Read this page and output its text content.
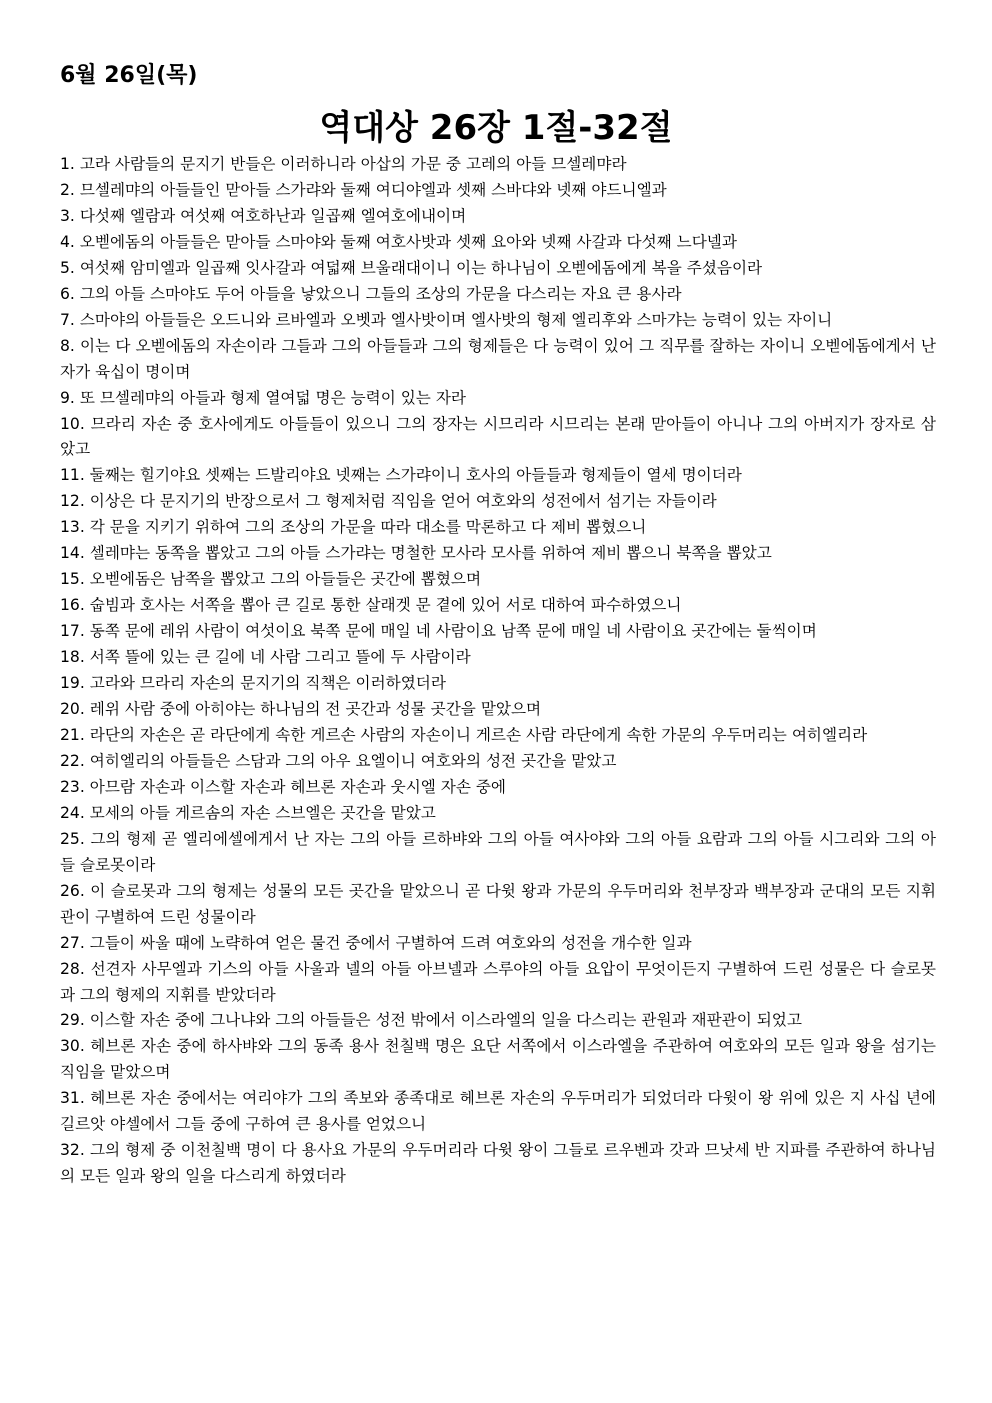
6월 26일(목)
역대상 26장 1절-32절
1. 고라 사람들의 문지기 반들은 이러하니라 아삽의 가문 중 고레의 아들 므셀레먀라
2. 므셀레먀의 아들들인 맏아들 스가랴와 둘째 여디야엘과 셋째 스바댜와 넷째 야드니엘과
3. 다섯째 엘람과 여섯째 여호하난과 일곱째 엘여호에내이며
4. 오벧에돔의 아들들은 맏아들 스마야와 둘째 여호사밧과 셋째 요아와 넷째 사갈과 다섯째 느다넬과
5. 여섯째 암미엘과 일곱째 잇사갈과 여덟째 브울래대이니 이는 하나님이 오벧에돔에게 복을 주셨음이라
6. 그의 아들 스마야도 두어 아들을 낳았으니 그들의 조상의 가문을 다스리는 자요 큰 용사라
7. 스마야의 아들들은 오드니와 르바엘과 오벳과 엘사밧이며 엘사밧의 형제 엘리후와 스마갸는 능력이 있는 자이니
8. 이는 다 오벧에돔의 자손이라 그들과 그의 아들들과 그의 형제들은 다 능력이 있어 그 직무를 잘하는 자이니 오벧에돔에게서 난 자가 육십이 명이며
9. 또 므셀레먀의 아들과 형제 열여덟 명은 능력이 있는 자라
10. 므라리 자손 중 호사에게도 아들들이 있으니 그의 장자는 시므리라 시므리는 본래 맏아들이 아니나 그의 아버지가 장자로 삼았고
11. 둘째는 힐기야요 셋째는 드발리야요 넷째는 스가랴이니 호사의 아들들과 형제들이 열세 명이더라
12. 이상은 다 문지기의 반장으로서 그 형제처럼 직임을 얻어 여호와의 성전에서 섬기는 자들이라
13. 각 문을 지키기 위하여 그의 조상의 가문을 따라 대소를 막론하고 다 제비 뽑혔으니
14. 셀레먀는 동쪽을 뽑았고 그의 아들 스가랴는 명철한 모사라 모사를 위하여 제비 뽑으니 북쪽을 뽑았고
15. 오벧에돔은 남쪽을 뽑았고 그의 아들들은 곳간에 뽑혔으며
16. 숩빔과 호사는 서쪽을 뽑아 큰 길로 통한 살래겟 문 곁에 있어 서로 대하여 파수하였으니
17. 동쪽 문에 레위 사람이 여섯이요 북쪽 문에 매일 네 사람이요 남쪽 문에 매일 네 사람이요 곳간에는 둘씩이며
18. 서쪽 뜰에 있는 큰 길에 네 사람 그리고 뜰에 두 사람이라
19. 고라와 므라리 자손의 문지기의 직책은 이러하였더라
20. 레위 사람 중에 아히야는 하나님의 전 곳간과 성물 곳간을 맡았으며
21. 라단의 자손은 곧 라단에게 속한 게르손 사람의 자손이니 게르손 사람 라단에게 속한 가문의 우두머리는 여히엘리라
22. 여히엘리의 아들들은 스담과 그의 아우 요엘이니 여호와의 성전 곳간을 맡았고
23. 아므람 자손과 이스할 자손과 헤브론 자손과 웃시엘 자손 중에
24. 모세의 아들 게르솜의 자손 스브엘은 곳간을 맡았고
25. 그의 형제 곧 엘리에셀에게서 난 자는 그의 아들 르하뱌와 그의 아들 여사야와 그의 아들 요람과 그의 아들 시그리와 그의 아들 슬로못이라
26. 이 슬로못과 그의 형제는 성물의 모든 곳간을 맡았으니 곧 다윗 왕과 가문의 우두머리와 천부장과 백부장과 군대의 모든 지휘관이 구별하여 드린 성물이라
27. 그들이 싸울 때에 노략하여 얻은 물건 중에서 구별하여 드려 여호와의 성전을 개수한 일과
28. 선견자 사무엘과 기스의 아들 사울과 넬의 아들 아브넬과 스루야의 아들 요압이 무엇이든지 구별하여 드린 성물은 다 슬로못과 그의 형제의 지휘를 받았더라
29. 이스할 자손 중에 그나냐와 그의 아들들은 성전 밖에서 이스라엘의 일을 다스리는 관원과 재판관이 되었고
30. 헤브론 자손 중에 하사뱌와 그의 동족 용사 천칠백 명은 요단 서쪽에서 이스라엘을 주관하여 여호와의 모든 일과 왕을 섬기는 직임을 맡았으며
31. 헤브론 자손 중에서는 여리야가 그의 족보와 종족대로 헤브론 자손의 우두머리가 되었더라 다윗이 왕 위에 있은 지 사십 년에 길르앗 야셀에서 그들 중에 구하여 큰 용사를 얻었으니
32. 그의 형제 중 이천칠백 명이 다 용사요 가문의 우두머리라 다윗 왕이 그들로 르우벤과 갓과 므낫세 반 지파를 주관하여 하나님의 모든 일과 왕의 일을 다스리게 하였더라
